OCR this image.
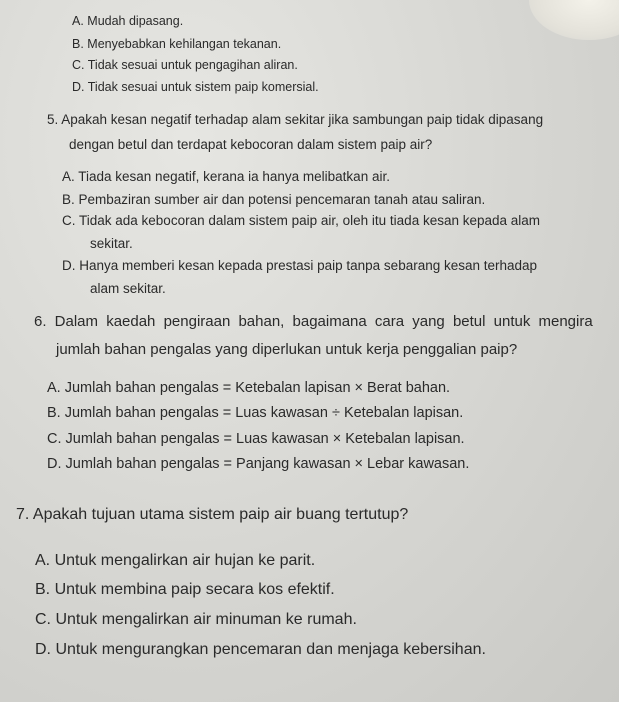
A. Mudah dipasang.
B. Menyebabkan kehilangan tekanan.
C. Tidak sesuai untuk pengagihan aliran.
D. Tidak sesuai untuk sistem paip komersial.
5. Apakah kesan negatif terhadap alam sekitar jika sambungan paip tidak dipasang
dengan betul dan terdapat kebocoran dalam sistem paip air?
A. Tiada kesan negatif, kerana ia hanya melibatkan air.
B. Pembaziran sumber air dan potensi pencemaran tanah atau saliran.
C. Tidak ada kebocoran dalam sistem paip air, oleh itu tiada kesan kepada alam
sekitar.
D. Hanya memberi kesan kepada prestasi paip tanpa sebarang kesan terhadap
alam sekitar.
6. Dalam kaedah pengiraan bahan, bagaimana cara yang betul untuk mengira
jumlah bahan pengalas yang diperlukan untuk kerja penggalian paip?
A. Jumlah bahan pengalas = Ketebalan lapisan × Berat bahan.
B. Jumlah bahan pengalas = Luas kawasan ÷ Ketebalan lapisan.
C. Jumlah bahan pengalas = Luas kawasan × Ketebalan lapisan.
D. Jumlah bahan pengalas = Panjang kawasan × Lebar kawasan.
7. Apakah tujuan utama sistem paip air buang tertutup?
A. Untuk mengalirkan air hujan ke parit.
B. Untuk membina paip secara kos efektif.
C. Untuk mengalirkan air minuman ke rumah.
D. Untuk mengurangkan pencemaran dan menjaga kebersihan.
